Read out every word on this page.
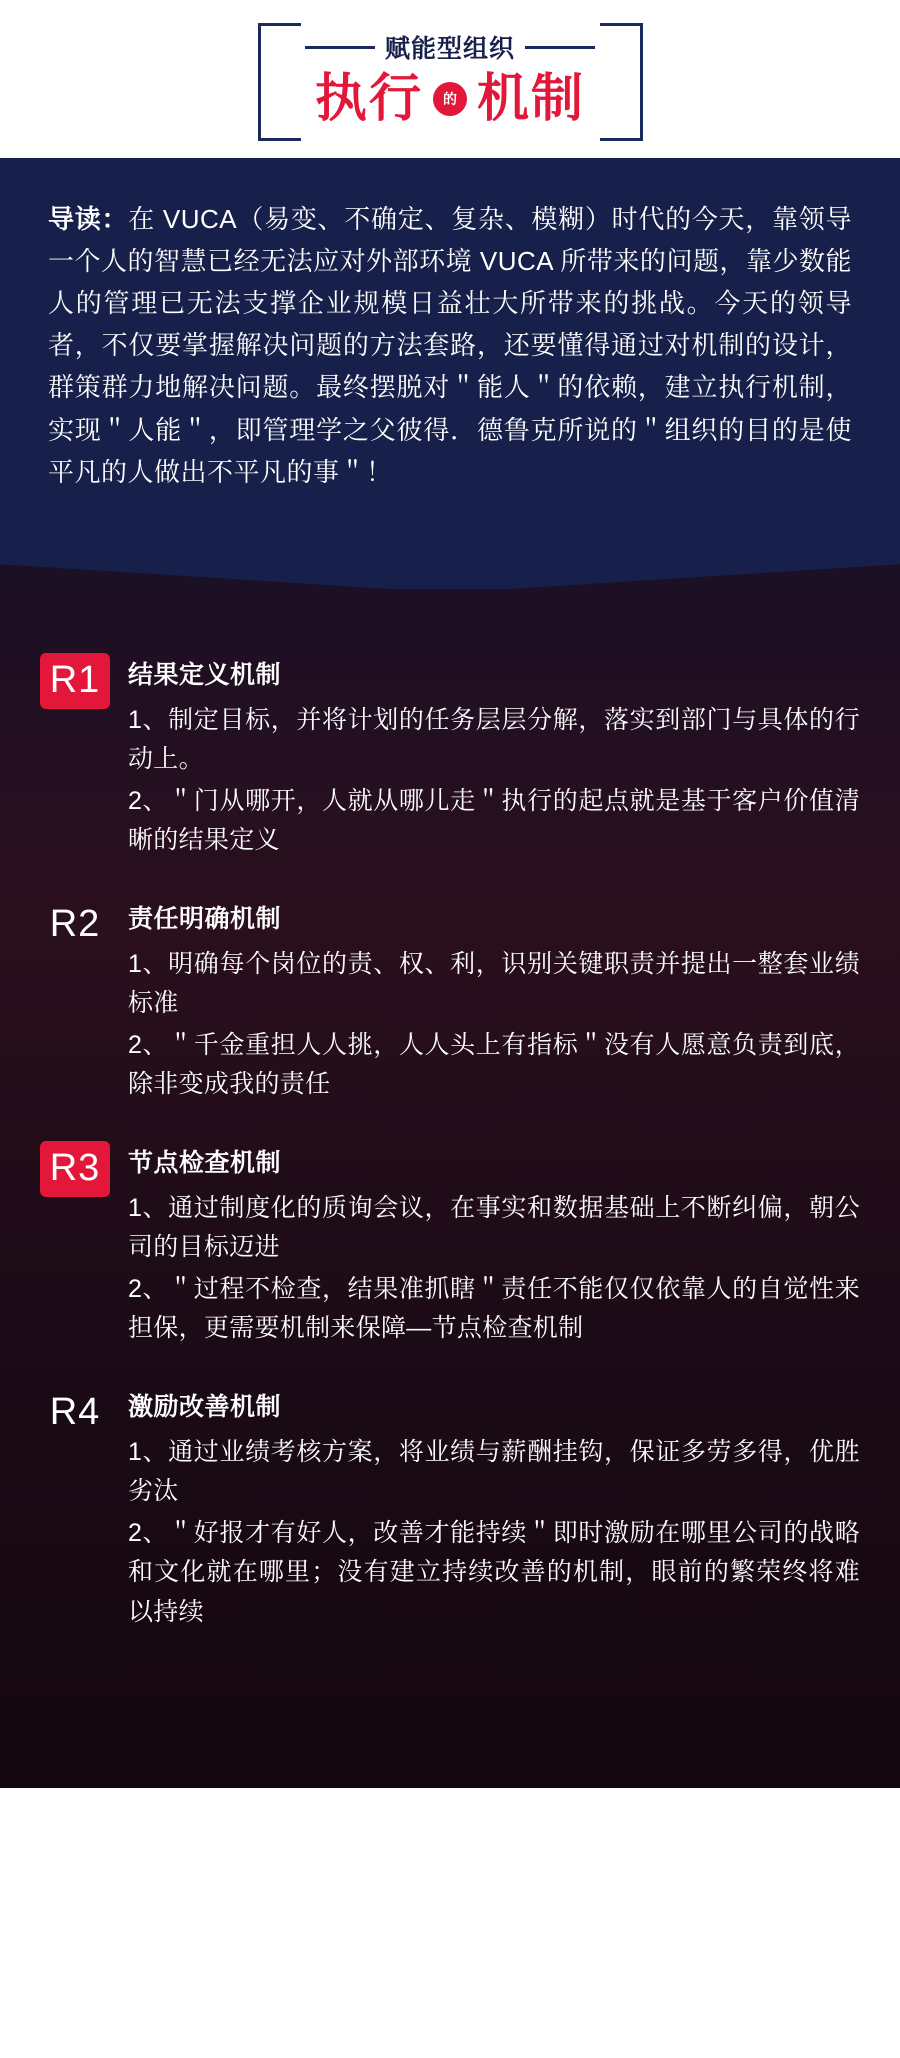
赋能型组织
执行	的 机制
导读：在 VUCA（易变、不确定、复杂、模糊）时代的今天，靠领导一个人的智慧已经无法应对外部环境 VUCA 所带来的问题，靠少数能人的管理已无法支撑企业规模日益壮大所带来的挑战。今天的领导者，不仅要掌握解决问题的方法套路，还要懂得通过对机制的设计，群策群力地解决问题。最终摆脱对＂能人＂的依赖，建立执行机制，实现＂人能＂，即管理学之父彼得．德鲁克所说的＂组织的目的是使平凡的人做出不平凡的事＂！
R1	结果定义机制
1、制定目标，并将计划的任务层层分解，落实到部门与具体的行动上。
2、＂门从哪开，人就从哪儿走＂执行的起点就是基于客户价值清晰的结果定义
R2	责任明确机制
1、明确每个岗位的责、权、利，识别关键职责并提出一整套业绩标准
2、＂千金重担人人挑，人人头上有指标＂没有人愿意负责到底，除非变成我的责任
R3	节点检查机制
1、通过制度化的质询会议，在事实和数据基础上不断纠偏，朝公司的目标迈进
2、＂过程不检查，结果准抓瞎＂责任不能仅仅依靠人的自觉性来担保，更需要机制来保障—节点检查机制
R4	激励改善机制
1、通过业绩考核方案，将业绩与薪酬挂钩，保证多劳多得，优胜劣汰
2、＂好报才有好人，改善才能持续＂即时激励在哪里公司的战略和文化就在哪里；没有建立持续改善的机制，眼前的繁荣终将难以持续
